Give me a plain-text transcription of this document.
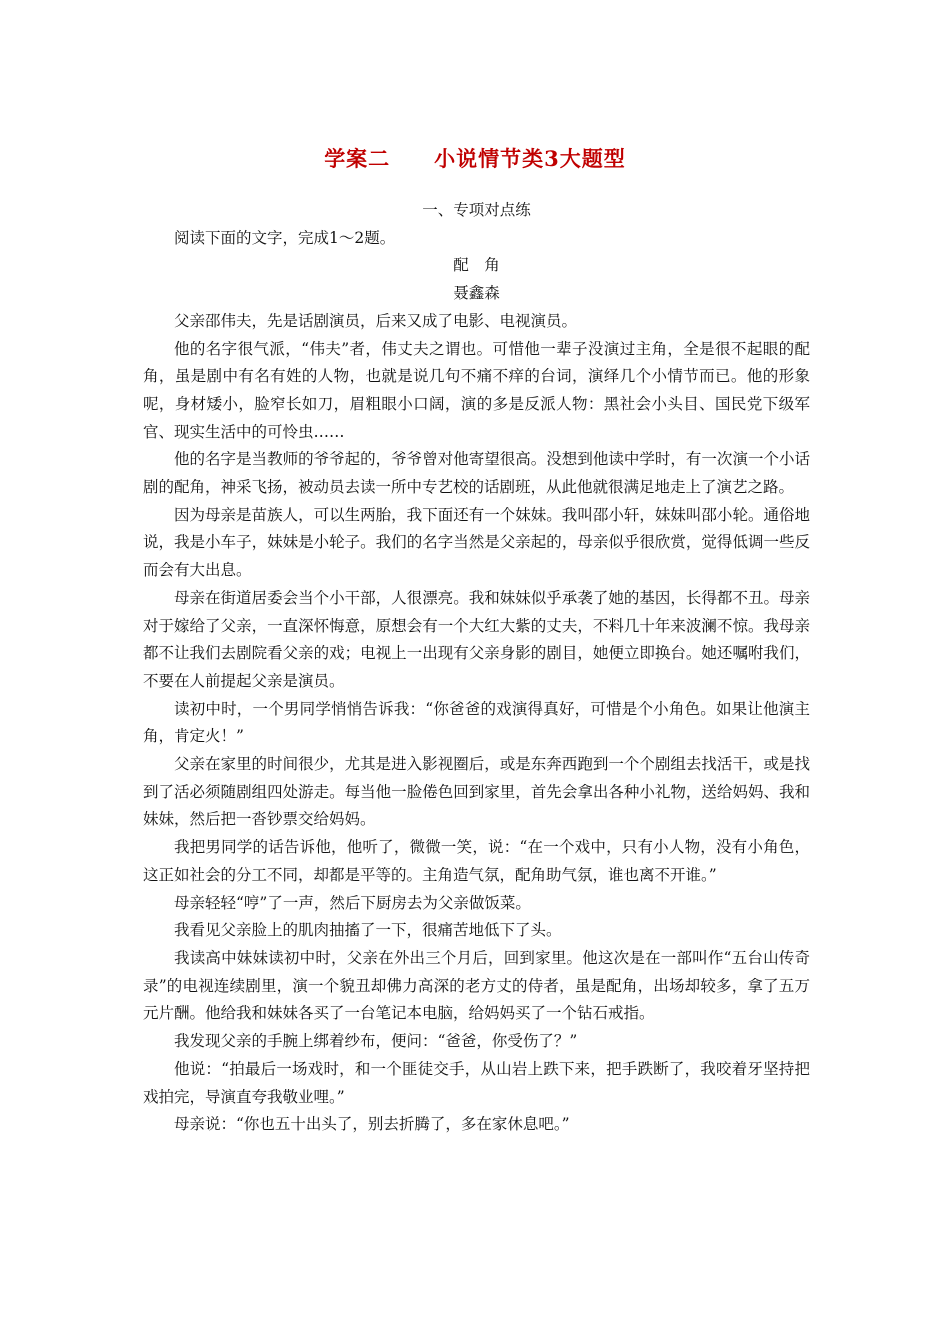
学案二　　小说情节类3大题型

一、专项对点练

阅读下面的文字，完成1～2题。

配　角

聂鑫森

父亲邵伟夫，先是话剧演员，后来又成了电影、电视演员。

他的名字很气派，“伟夫”者，伟丈夫之谓也。可惜他一辈子没演过主角，全是很不起眼的配角，虽是剧中有名有姓的人物，也就是说几句不痛不痒的台词，演绎几个小情节而已。他的形象呢，身材矮小，脸窄长如刀，眉粗眼小口阔，演的多是反派人物：黑社会小头目、国民党下级军官、现实生活中的可怜虫……

他的名字是当教师的爷爷起的，爷爷曾对他寄望很高。没想到他读中学时，有一次演一个小话剧的配角，神采飞扬，被动员去读一所中专艺校的话剧班，从此他就很满足地走上了演艺之路。

因为母亲是苗族人，可以生两胎，我下面还有一个妹妹。我叫邵小轩，妹妹叫邵小轮。通俗地说，我是小车子，妹妹是小轮子。我们的名字当然是父亲起的，母亲似乎很欣赏，觉得低调一些反而会有大出息。

母亲在街道居委会当个小干部，人很漂亮。我和妹妹似乎承袭了她的基因，长得都不丑。母亲对于嫁给了父亲，一直深怀悔意，原想会有一个大红大紫的丈夫，不料几十年来波澜不惊。我母亲都不让我们去剧院看父亲的戏；电视上一出现有父亲身影的剧目，她便立即换台。她还嘱咐我们，不要在人前提起父亲是演员。

读初中时，一个男同学悄悄告诉我：“你爸爸的戏演得真好，可惜是个小角色。如果让他演主角，肯定火！”

父亲在家里的时间很少，尤其是进入影视圈后，或是东奔西跑到一个个剧组去找活干，或是找到了活必须随剧组四处游走。每当他一脸倦色回到家里，首先会拿出各种小礼物，送给妈妈、我和妹妹，然后把一沓钞票交给妈妈。

我把男同学的话告诉他，他听了，微微一笑，说：“在一个戏中，只有小人物，没有小角色，这正如社会的分工不同，却都是平等的。主角造气氛，配角助气氛，谁也离不开谁。”

母亲轻轻“哼”了一声，然后下厨房去为父亲做饭菜。

我看见父亲脸上的肌肉抽搐了一下，很痛苦地低下了头。

我读高中妹妹读初中时，父亲在外出三个月后，回到家里。他这次是在一部叫作“五台山传奇录”的电视连续剧里，演一个貌丑却佛力高深的老方丈的侍者，虽是配角，出场却较多，拿了五万元片酬。他给我和妹妹各买了一台笔记本电脑，给妈妈买了一个钻石戒指。

我发现父亲的手腕上绑着纱布，便问：“爸爸，你受伤了？”

他说：“拍最后一场戏时，和一个匪徒交手，从山岩上跌下来，把手跌断了，我咬着牙坚持把戏拍完，导演直夸我敬业哩。”

母亲说：“你也五十出头了，别去折腾了，多在家休息吧。”
